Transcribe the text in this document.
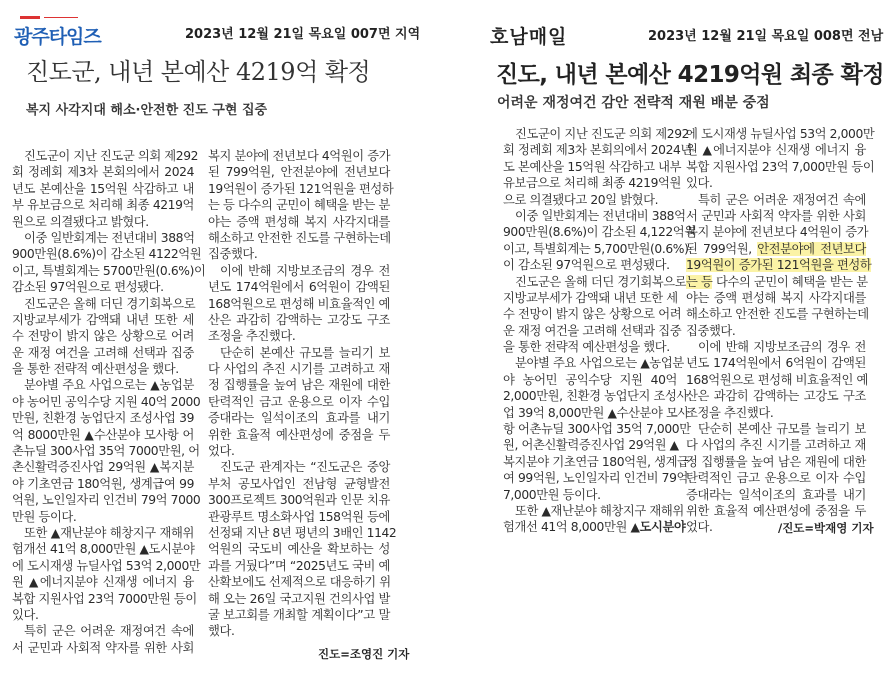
광주타임즈	2023년 12월 21일 목요일 007면 지역
진도군, 내년 본예산 4219억 확정
복지 사각지대 해소·안전한 진도 구현 집중
진도군이 지난 진도군 의회 제292
회 정례회 제3차 본회의에서 2024
년도 본예산을 15억원 삭감하고 내
부 유보금으로 처리해 최종 4219억
원으로 의결됐다고 밝혔다.
이중 일반회계는 전년대비 388억
900만원(8.6%)이 감소된 4122억원
이고, 특별회계는 5700만원(0.6%)이
감소된 97억원으로 편성됐다.
진도군은 올해 더딘 경기회복으로
지방교부세가 감액돼 내년 또한 세
수 전망이 밝지 않은 상황으로 어려
운 재정 여건을 고려해 선택과 집중
을 통한 전략적 예산편성을 했다.
분야별 주요 사업으로는 ▲농업분
야 농어민 공익수당 지원 40억 2000
만원, 친환경 농업단지 조성사업 39
억 8000만원 ▲수산분야 모사항 어
촌뉴딜 300사업 35억 7000만원, 어
촌신활력증진사업 29억원 ▲복지분
야 기초연금 180억원, 생계급여 99
억원, 노인일자리 인건비 79억 7000
만원 등이다.
또한 ▲재난분야 해창지구 재해위
험개선 41억 8,000만원 ▲도시분야
에 도시재생 뉴딜사업 53억 2,000만
원 ▲에너지분야 신재생 에너지 융
복합 지원사업 23억 7000만원 등이
있다.
특히 군은 어려운 재정여건 속에
서 군민과 사회적 약자를 위한 사회
복지 분야에 전년보다 4억원이 증가
된 799억원, 안전분야에 전년보다
19억원이 증가된 121억원을 편성하
는 등 다수의 군민이 혜택을 받는 분
야는 증액 편성해 복지 사각지대를
해소하고 안전한 진도를 구현하는데
집중했다.
이에 반해 지방보조금의 경우 전
년도 174억원에서 6억원이 감액된
168억원으로 편성해 비효율적인 예
산은 과감히 감액하는 고강도 구조
조정을 추진했다.
단순히 본예산 규모를 늘리기 보
다 사업의 추진 시기를 고려하고 재
정 집행률을 높여 남은 재원에 대한
탄력적인 금고 운용으로 이자 수입
증대라는 일석이조의 효과를 내기
위한 효율적 예산편성에 중점을 두
었다.
진도군 관계자는 “진도군은 중앙
부처 공모사업인 전남형 균형발전
300프로젝트 300억원과 인문 치유
관광루트 명소화사업 158억원 등에
선정돼 지난 8년 평년의 3배인 1142
억원의 국도비 예산을 확보하는 성
과를 거뒀다”며 “2025년도 국비 예
산확보에도 선제적으로 대응하기 위
해 오는 26일 국고지원 건의사업 발
굴 보고회를 개최할 계획이다”고 말
했다.
진도=조영진 기자
호남매일	2023년 12월 21일 목요일 008면 전남
진도, 내년 본예산 4219억원 최종 확정
어려운 재정여건 감안 전략적 재원 배분 중점
진도군이 지난 진도군 의회 제292
회 정례회 제3차 본회의에서 2024년
도 본예산을 15억원 삭감하고 내부
유보금으로 처리해 최종 4219억원
으로 의결됐다고 20일 밝혔다.
이중 일반회계는 전년대비 388억
900만원(8.6%)이 감소된 4,122억원
이고, 특별회계는 5,700만원(0.6%)
이 감소된 97억원으로 편성됐다.
진도군은 올해 더딘 경기회복으로
지방교부세가 감액돼 내년 또한 세
수 전망이 밝지 않은 상황으로 어려
운 재정 여건을 고려해 선택과 집중
을 통한 전략적 예산편성을 했다.
분야별 주요 사업으로는 ▲농업분
야 농어민 공익수당 지원 40억
2,000만원, 친환경 농업단지 조성사
업 39억 8,000만원 ▲수산분야 모사
항 어촌뉴딜 300사업 35억 7,000만
원, 어촌신활력증진사업 29억원 ▲
복지분야 기초연금 180억원, 생계급
여 99억원, 노인일자리 인건비 79억
7,000만원 등이다.
또한 ▲재난분야 해창지구 재해위
험개선 41억 8,000만원 ▲도시분야
에 도시재생 뉴딜사업 53억 2,000만
원 ▲에너지분야 신재생 에너지 융
복합 지원사업 23억 7,000만원 등이
있다.
특히 군은 어려운 재정여건 속에
서 군민과 사회적 약자를 위한 사회
복지 분야에 전년보다 4억원이 증가
된 799억원, 안전분야에 전년보다
19억원이 증가된 121억원을 편성하
는 등 다수의 군민이 혜택을 받는 분
야는 증액 편성해 복지 사각지대를
해소하고 안전한 진도를 구현하는데
집중했다.
이에 반해 지방보조금의 경우 전
년도 174억원에서 6억원이 감액된
168억원으로 편성해 비효율적인 예
산은 과감히 감액하는 고강도 구조
조정을 추진했다.
단순히 본예산 규모를 늘리기 보
다 사업의 추진 시기를 고려하고 재
정 집행률을 높여 남은 재원에 대한
탄력적인 금고 운용으로 이자 수입
증대라는 일석이조의 효과를 내기
위한 효율적 예산편성에 중점을 두
었다.	/진도=박재영 기자
